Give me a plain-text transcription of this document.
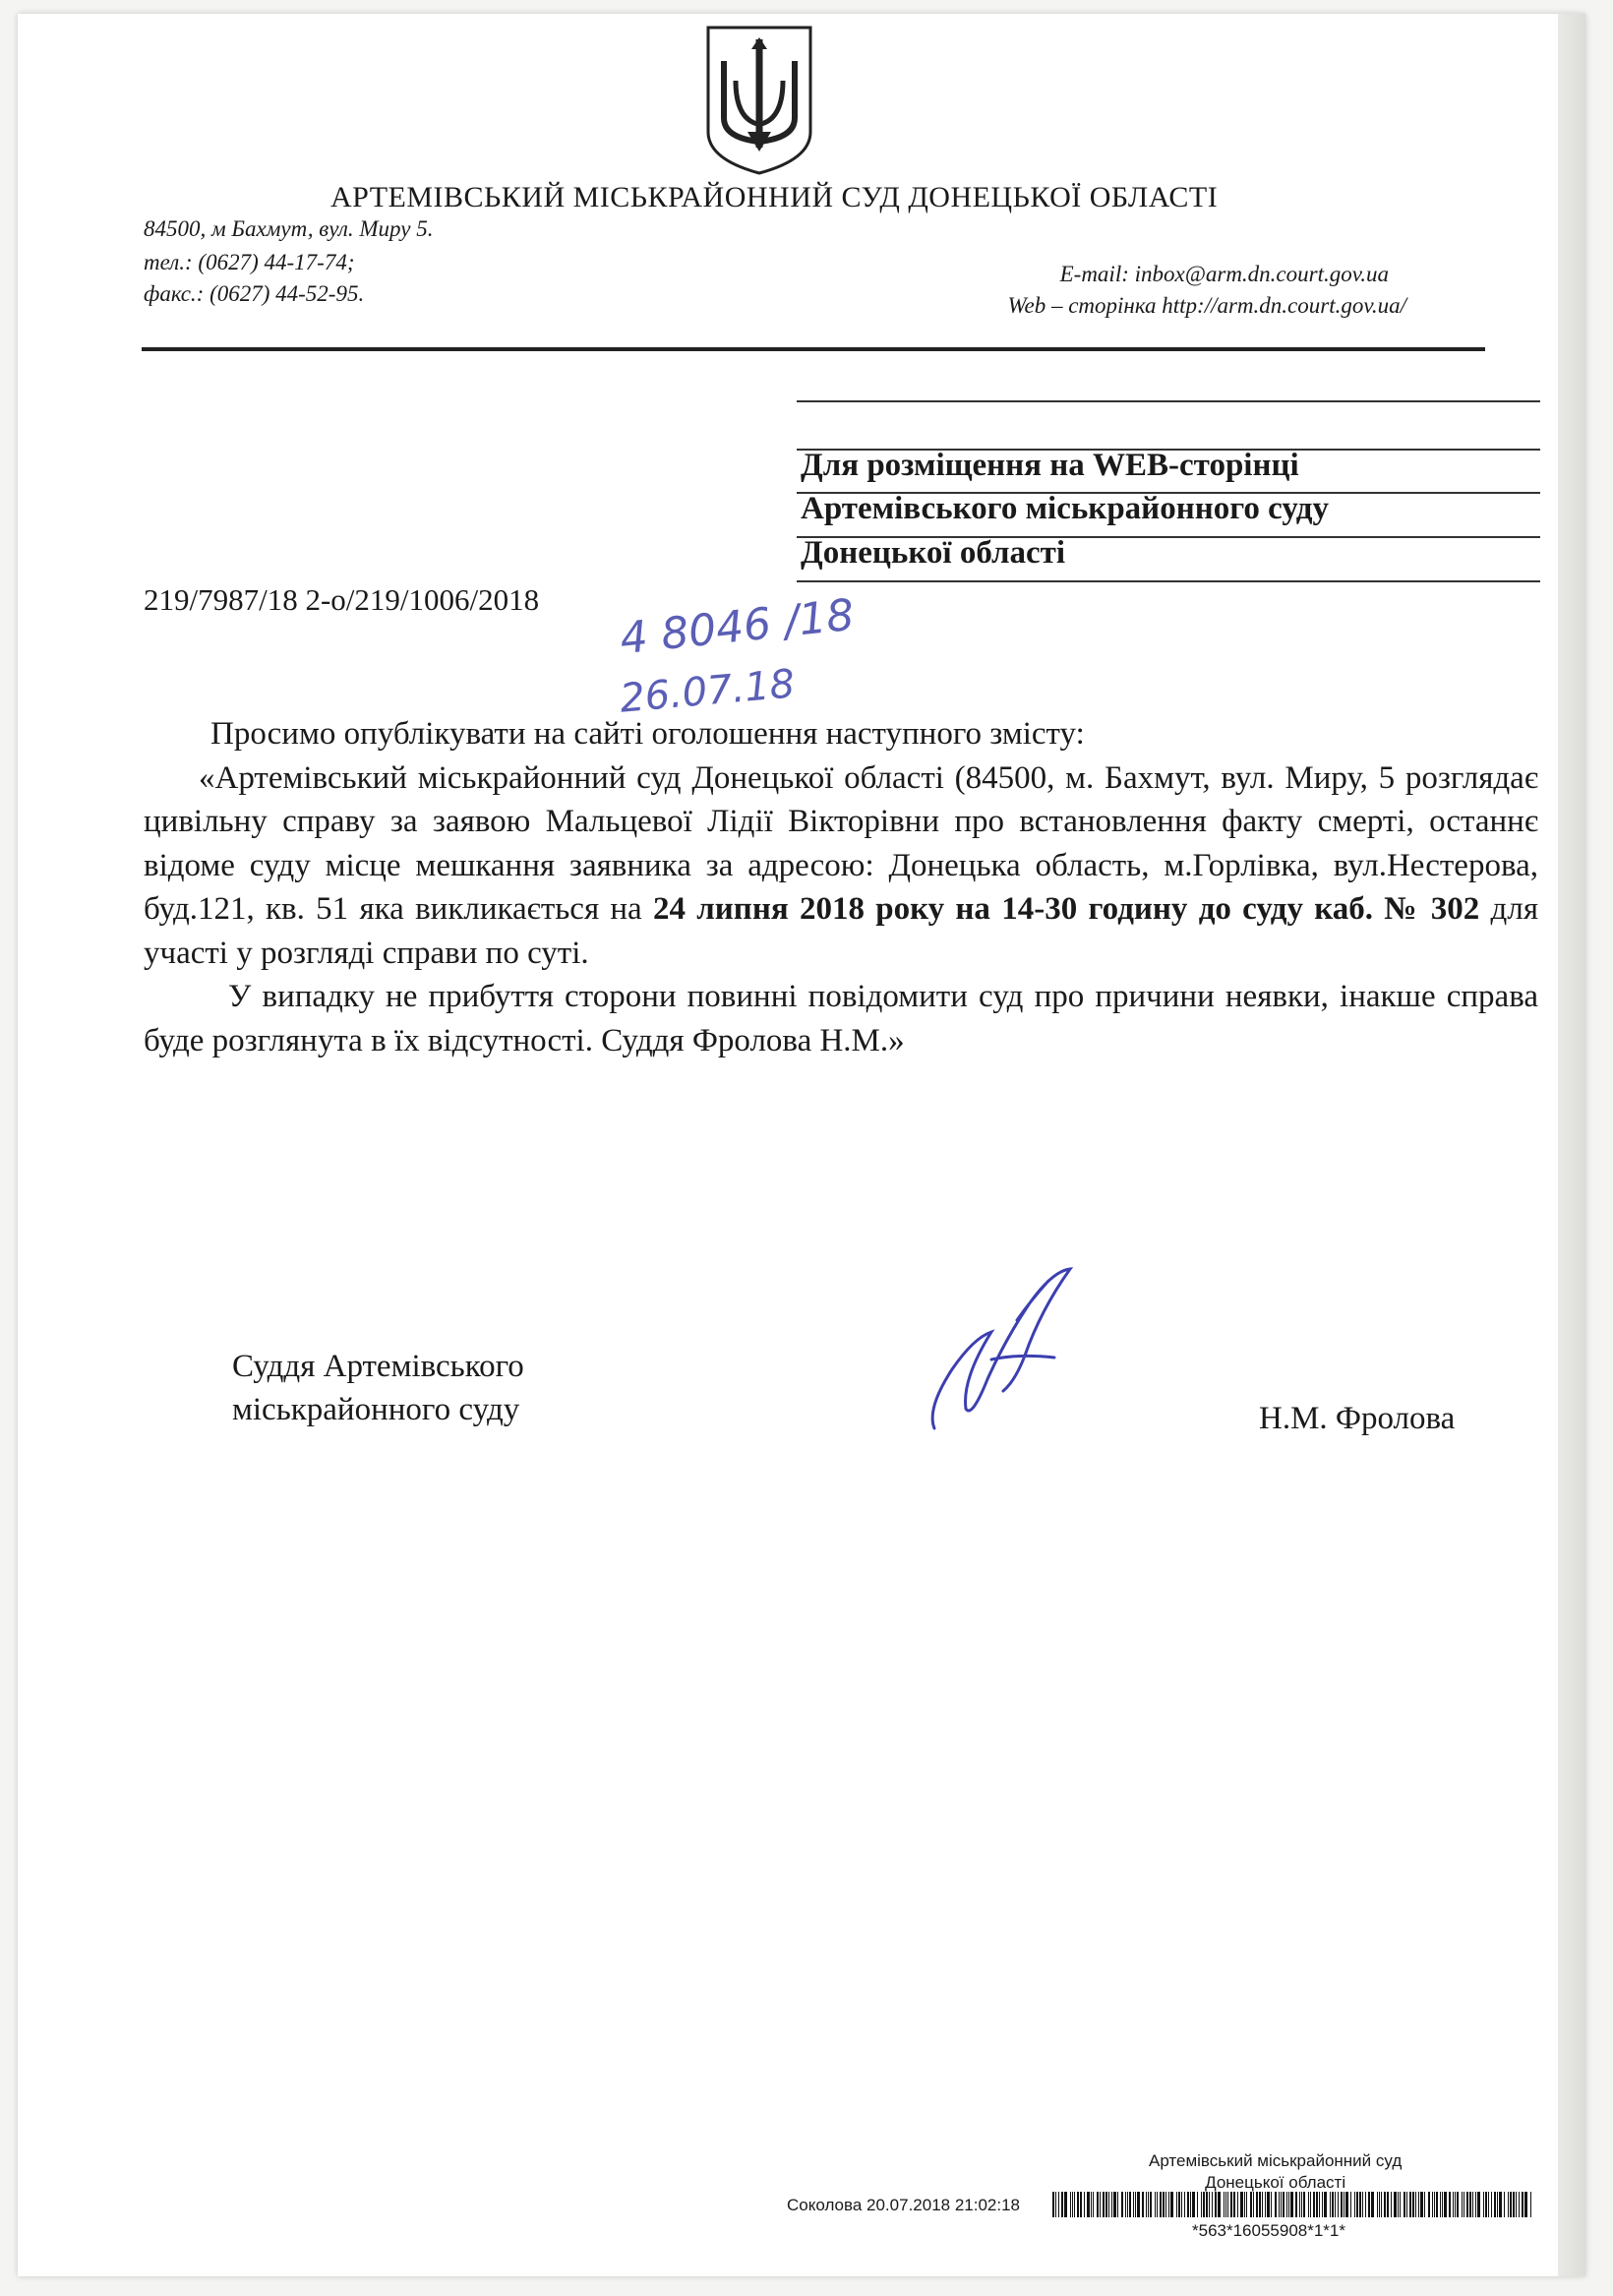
АРТЕМІВСЬКИЙ МІСЬКРАЙОННИЙ СУД ДОНЕЦЬКОЇ ОБЛАСТІ
84500, м Бахмут, вул. Миру 5.
тел.: (0627) 44-17-74;
факс.: (0627) 44-52-95.
E-mail: inbox@arm.dn.court.gov.ua
Web – сторінка http://arm.dn.court.gov.ua/
Для розміщення на WEB-сторінці
Артемівського міськрайонного суду
Донецької області
219/7987/18 2-о/219/1006/2018 4 8046 /18
26.07.18

Просимо опублікувати на сайті оголошення наступного змісту:

«Артемівський міськрайонний суд Донецької області (84500, м. Бахмут, вул. Миру, 5 розглядає цивільну справу за заявою Мальцевої Лідії Вікторівни про встановлення факту смерті, останнє відоме суду місце мешкання заявника за адресою: Донецька область, м.Горлівка, вул.Нестерова, буд.121, кв. 51 яка викликається на 24 липня 2018 року на 14-30 годину до суду каб. № 302 для участі у розгляді справи по суті.

У випадку не прибуття сторони повинні повідомити суд про причини неявки, інакше справа буде розглянута в їх відсутності. Суддя Фролова Н.М.»

Суддя Артемівського міськрайонного суду	Н.М. Фролова
Артемівський міськрайонний суд
Донецької області
Соколова 20.07.2018 21:02:18
*563*16055908*1*1*
